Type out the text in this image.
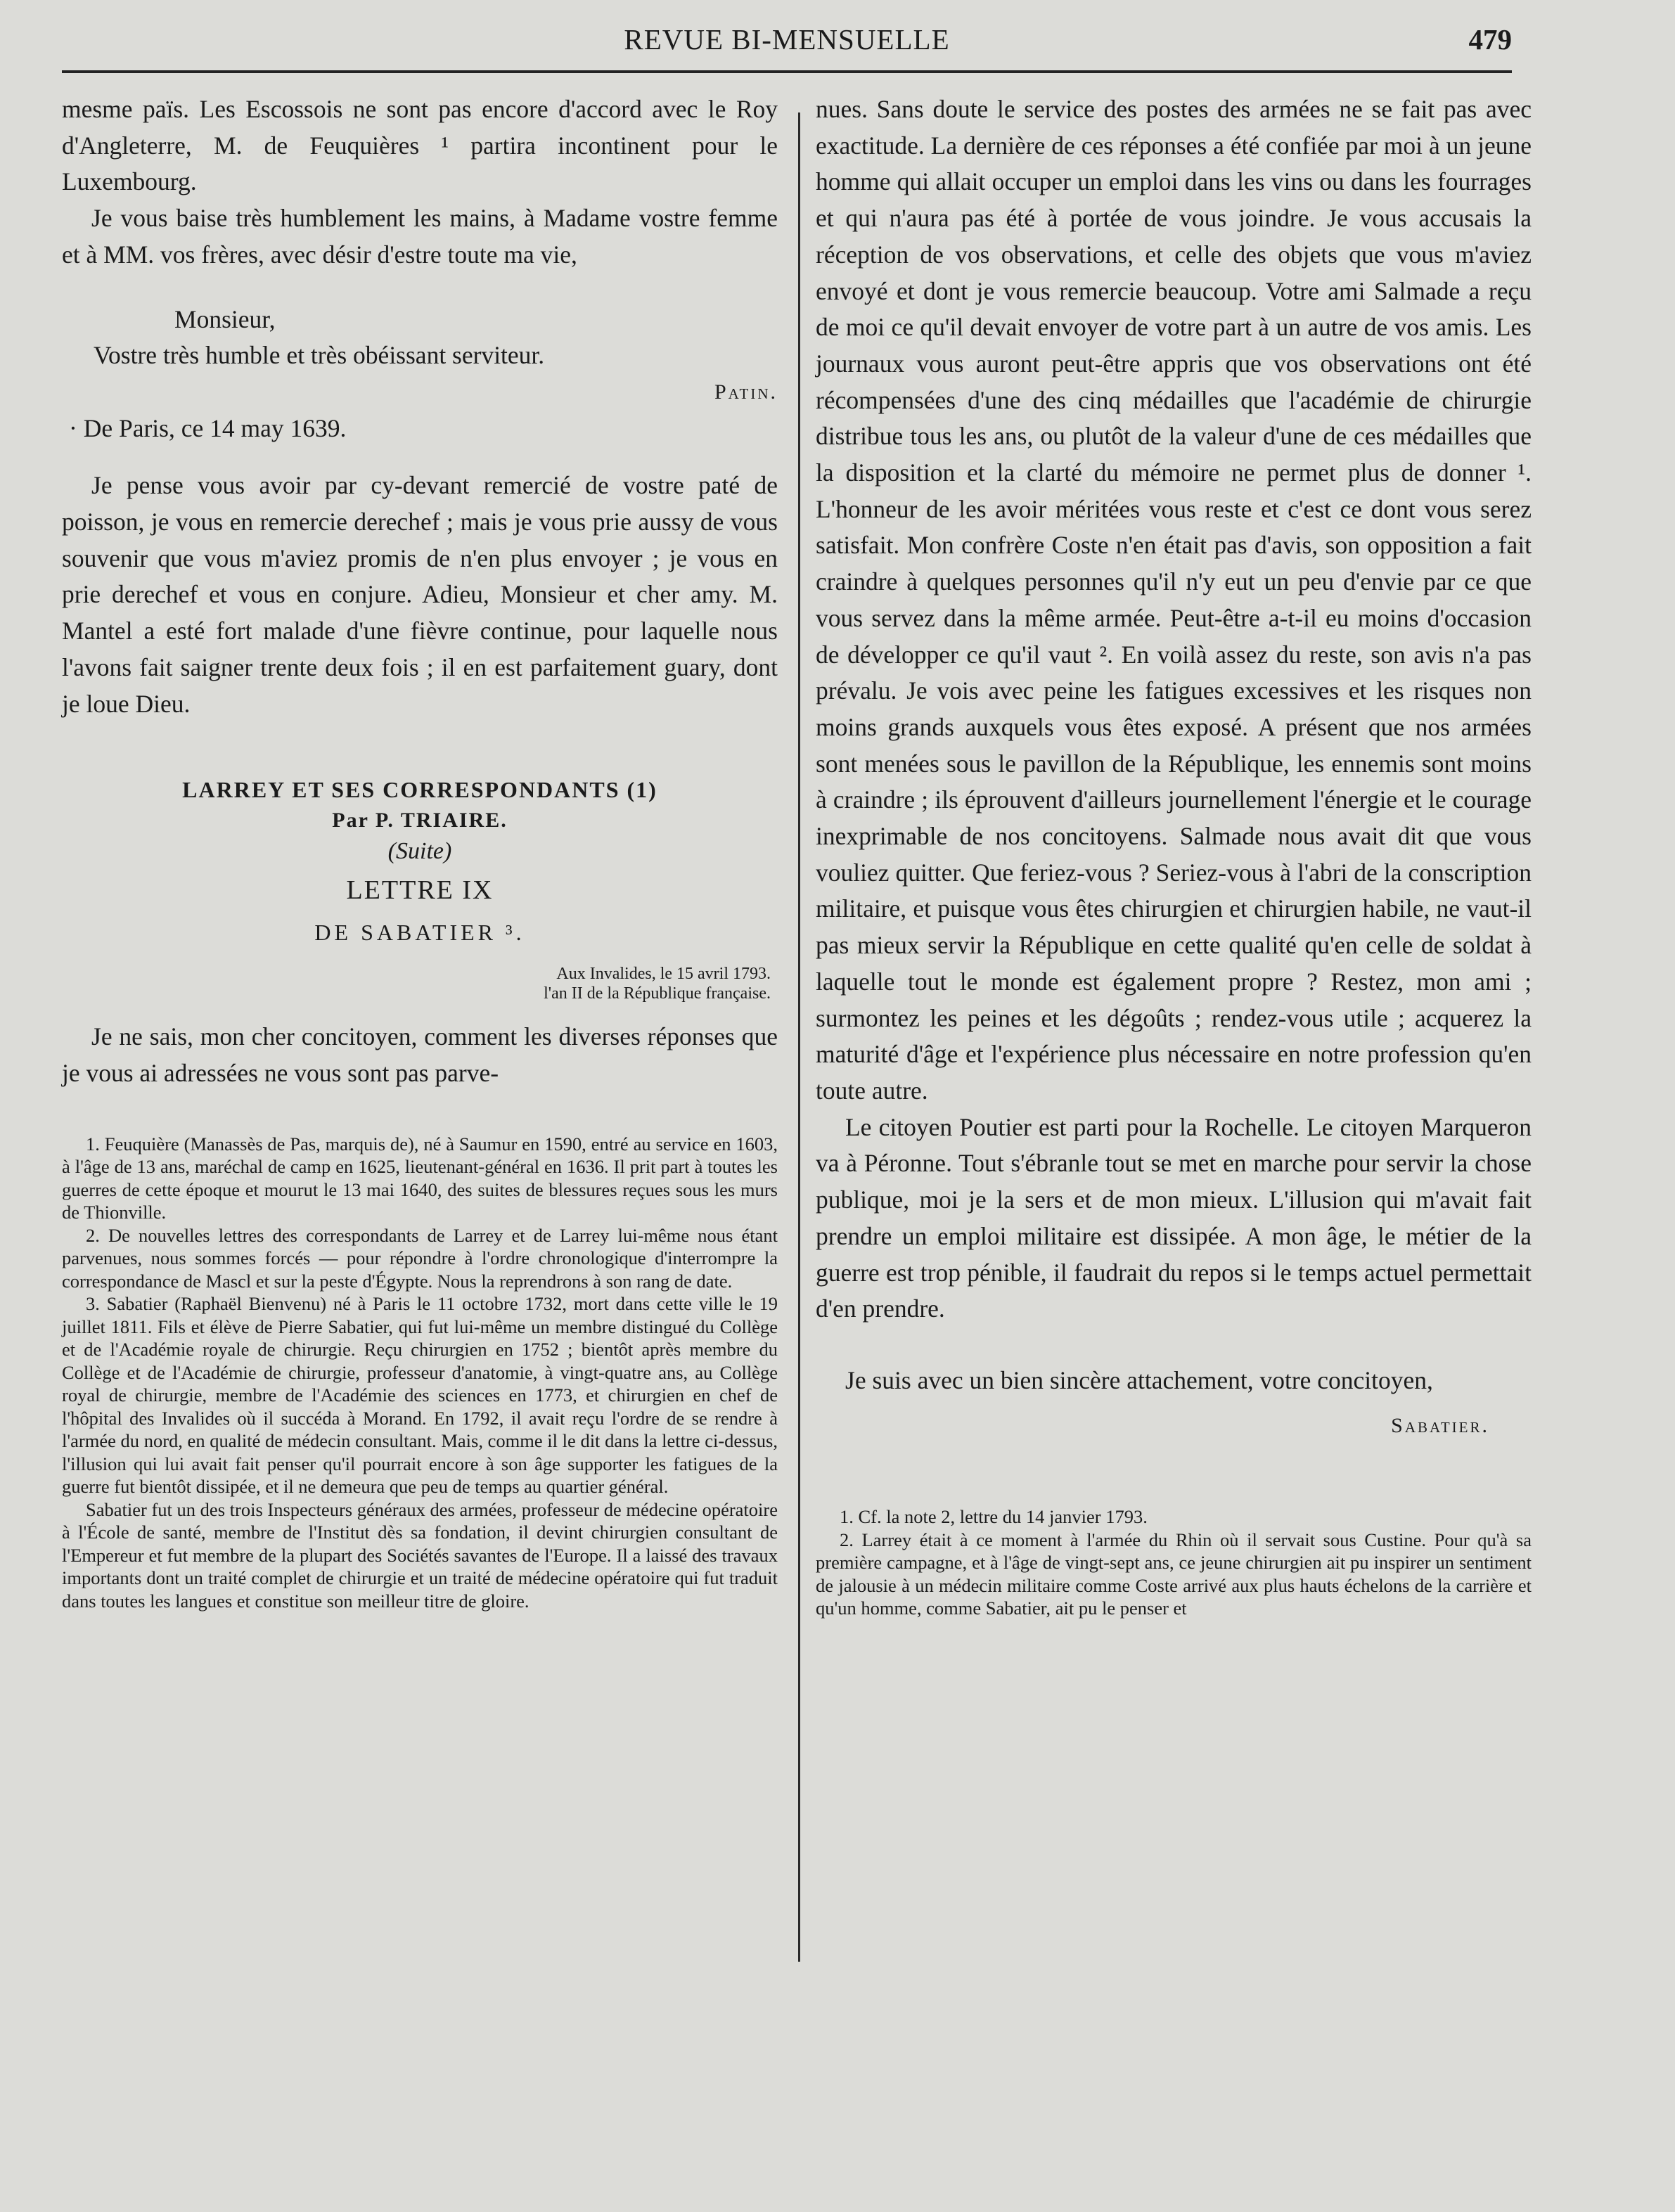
REVUE BI-MENSUELLE	479

mesme païs. Les Escossois ne sont pas encore d'accord avec le Roy d'Angleterre, M. de Feuquières ¹ partira incontinent pour le Luxembourg.

Je vous baise très humblement les mains, à Madame vostre femme et à MM. vos frères, avec désir d'estre toute ma vie,

Monsieur,

Vostre très humble et très obéissant serviteur.

Patin.

· De Paris, ce 14 may 1639.

Je pense vous avoir par cy-devant remercié de vostre paté de poisson, je vous en remercie derechef ; mais je vous prie aussy de vous souvenir que vous m'aviez promis de n'en plus envoyer ; je vous en prie derechef et vous en conjure. Adieu, Monsieur et cher amy. M. Mantel a esté fort malade d'une fièvre continue, pour laquelle nous l'avons fait saigner trente deux fois ; il en est parfaitement guary, dont je loue Dieu.

LARREY ET SES CORRESPONDANTS (1)

Par P. TRIAIRE.

(Suite)

LETTRE IX

DE SABATIER ³.

Aux Invalides, le 15 avril 1793.

l'an II de la République française.

Je ne sais, mon cher concitoyen, comment les diverses réponses que je vous ai adressées ne vous sont pas parve-

1. Feuquière (Manassès de Pas, marquis de), né à Saumur en 1590, entré au service en 1603, à l'âge de 13 ans, maréchal de camp en 1625, lieutenant-général en 1636. Il prit part à toutes les guerres de cette époque et mourut le 13 mai 1640, des suites de blessures reçues sous les murs de Thionville.

2. De nouvelles lettres des correspondants de Larrey et de Larrey lui-même nous étant parvenues, nous sommes forcés — pour répondre à l'ordre chronologique d'interrompre la correspondance de Mascl et sur la peste d'Égypte. Nous la reprendrons à son rang de date.

3. Sabatier (Raphaël Bienvenu) né à Paris le 11 octobre 1732, mort dans cette ville le 19 juillet 1811. Fils et élève de Pierre Sabatier, qui fut lui-même un membre distingué du Collège et de l'Académie royale de chirurgie. Reçu chirurgien en 1752 ; bientôt après membre du Collège et de l'Académie de chirurgie, professeur d'anatomie, à vingt-quatre ans, au Collège royal de chirurgie, membre de l'Académie des sciences en 1773, et chirurgien en chef de l'hôpital des Invalides où il succéda à Morand. En 1792, il avait reçu l'ordre de se rendre à l'armée du nord, en qualité de médecin consultant. Mais, comme il le dit dans la lettre ci-dessus, l'illusion qui lui avait fait penser qu'il pourrait encore à son âge supporter les fatigues de la guerre fut bientôt dissipée, et il ne demeura que peu de temps au quartier général.

Sabatier fut un des trois Inspecteurs généraux des armées, professeur de médecine opératoire à l'École de santé, membre de l'Institut dès sa fondation, il devint chirurgien consultant de l'Empereur et fut membre de la plupart des Sociétés savantes de l'Europe. Il a laissé des travaux importants dont un traité complet de chirurgie et un traité de médecine opératoire qui fut traduit dans toutes les langues et constitue son meilleur titre de gloire.

nues. Sans doute le service des postes des armées ne se fait pas avec exactitude. La dernière de ces réponses a été confiée par moi à un jeune homme qui allait occuper un emploi dans les vins ou dans les fourrages et qui n'aura pas été à portée de vous joindre. Je vous accusais la réception de vos observations, et celle des objets que vous m'aviez envoyé et dont je vous remercie beaucoup. Votre ami Salmade a reçu de moi ce qu'il devait envoyer de votre part à un autre de vos amis. Les journaux vous auront peut-être appris que vos observations ont été récompensées d'une des cinq médailles que l'académie de chirurgie distribue tous les ans, ou plutôt de la valeur d'une de ces médailles que la disposition et la clarté du mémoire ne permet plus de donner ¹. L'honneur de les avoir méritées vous reste et c'est ce dont vous serez satisfait. Mon confrère Coste n'en était pas d'avis, son opposition a fait craindre à quelques personnes qu'il n'y eut un peu d'envie par ce que vous servez dans la même armée. Peut-être a-t-il eu moins d'occasion de développer ce qu'il vaut ². En voilà assez du reste, son avis n'a pas prévalu. Je vois avec peine les fatigues excessives et les risques non moins grands auxquels vous êtes exposé. A présent que nos armées sont menées sous le pavillon de la République, les ennemis sont moins à craindre ; ils éprouvent d'ailleurs journellement l'énergie et le courage inexprimable de nos concitoyens. Salmade nous avait dit que vous vouliez quitter. Que feriez-vous ? Seriez-vous à l'abri de la conscription militaire, et puisque vous êtes chirurgien et chirurgien habile, ne vaut-il pas mieux servir la République en cette qualité qu'en celle de soldat à laquelle tout le monde est également propre ? Restez, mon ami ; surmontez les peines et les dégoûts ; rendez-vous utile ; acquerez la maturité d'âge et l'expérience plus nécessaire en notre profession qu'en toute autre.

Le citoyen Poutier est parti pour la Rochelle. Le citoyen Marqueron va à Péronne. Tout s'ébranle tout se met en marche pour servir la chose publique, moi je la sers et de mon mieux. L'illusion qui m'avait fait prendre un emploi militaire est dissipée. A mon âge, le métier de la guerre est trop pénible, il faudrait du repos si le temps actuel permettait d'en prendre.

Je suis avec un bien sincère attachement, votre concitoyen,

Sabatier.

1. Cf. la note 2, lettre du 14 janvier 1793.

2. Larrey était à ce moment à l'armée du Rhin où il servait sous Custine. Pour qu'à sa première campagne, et à l'âge de vingt-sept ans, ce jeune chirurgien ait pu inspirer un sentiment de jalousie à un médecin militaire comme Coste arrivé aux plus hauts échelons de la carrière et qu'un homme, comme Sabatier, ait pu le penser et
